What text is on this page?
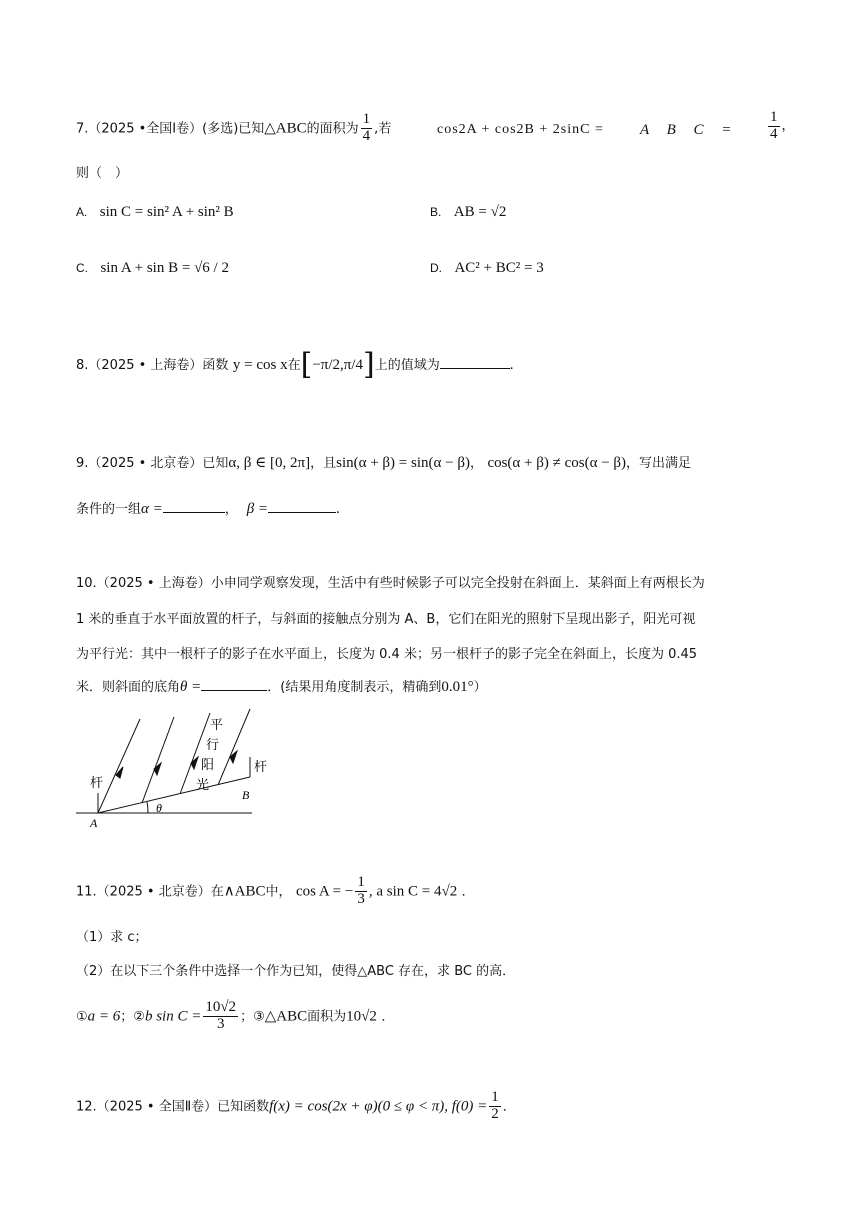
7.（2025 •全国Ⅰ卷）(多选)已知△ABC的面积为 $\frac{1}{4}$ ,若	cos2A + cos2B + 2sinC = A B $C = \frac{1}{4}$ ，
则（　）
A. sin C = sin² A + sin² B	B. AB = √2
C. sin A + sin B = √6 / 2	D. AC² + BC² = 3
8.（2025 • 上海卷）函数 y = cos x在[−π/2,π/4]上的值域为	.
9.（2025 • 北京卷）已知α, β ∈ [0, 2π]，且sin(α + β) = sin(α − β)， cos(α + β) ≠ cos(α − β)，写出满足
条件的一组α =	， β =	.
10.（2025 • 上海卷）小申同学观察发现，生活中有些时候影子可以完全投射在斜面上．某斜面上有两根长为
1 米的垂直于水平面放置的杆子，与斜面的接触点分别为 A、B，它们在阳光的照射下呈现出影子，阳光可视
为平行光：其中一根杆子的影子在水平面上，长度为 0.4 米；另一根杆子的影子完全在斜面上，长度为 0.45
米．则斜面的底角θ =	．(结果用角度制表示，精确到0.01°）
杆
杆
A
B
θ
平
行
阳
光
11.（2025 • 北京卷）在∧ABC中， cos A = − $\frac{1}{3}$ , a sin C = 4√2 ．
（1）求 c；
（2）在以下三个条件中选择一个作为已知，使得△ABC 存在，求 BC 的高．
①a = 6；②b $\sin C = \frac{10√2}{3}$ ；③△ABC面积为10√2 ．
12.（2025 • 全国Ⅱ卷）已知函数f(x) = cos(2x + φ)(0 ≤ φ < π), $f(0) = \frac{1}{2}$ ．
